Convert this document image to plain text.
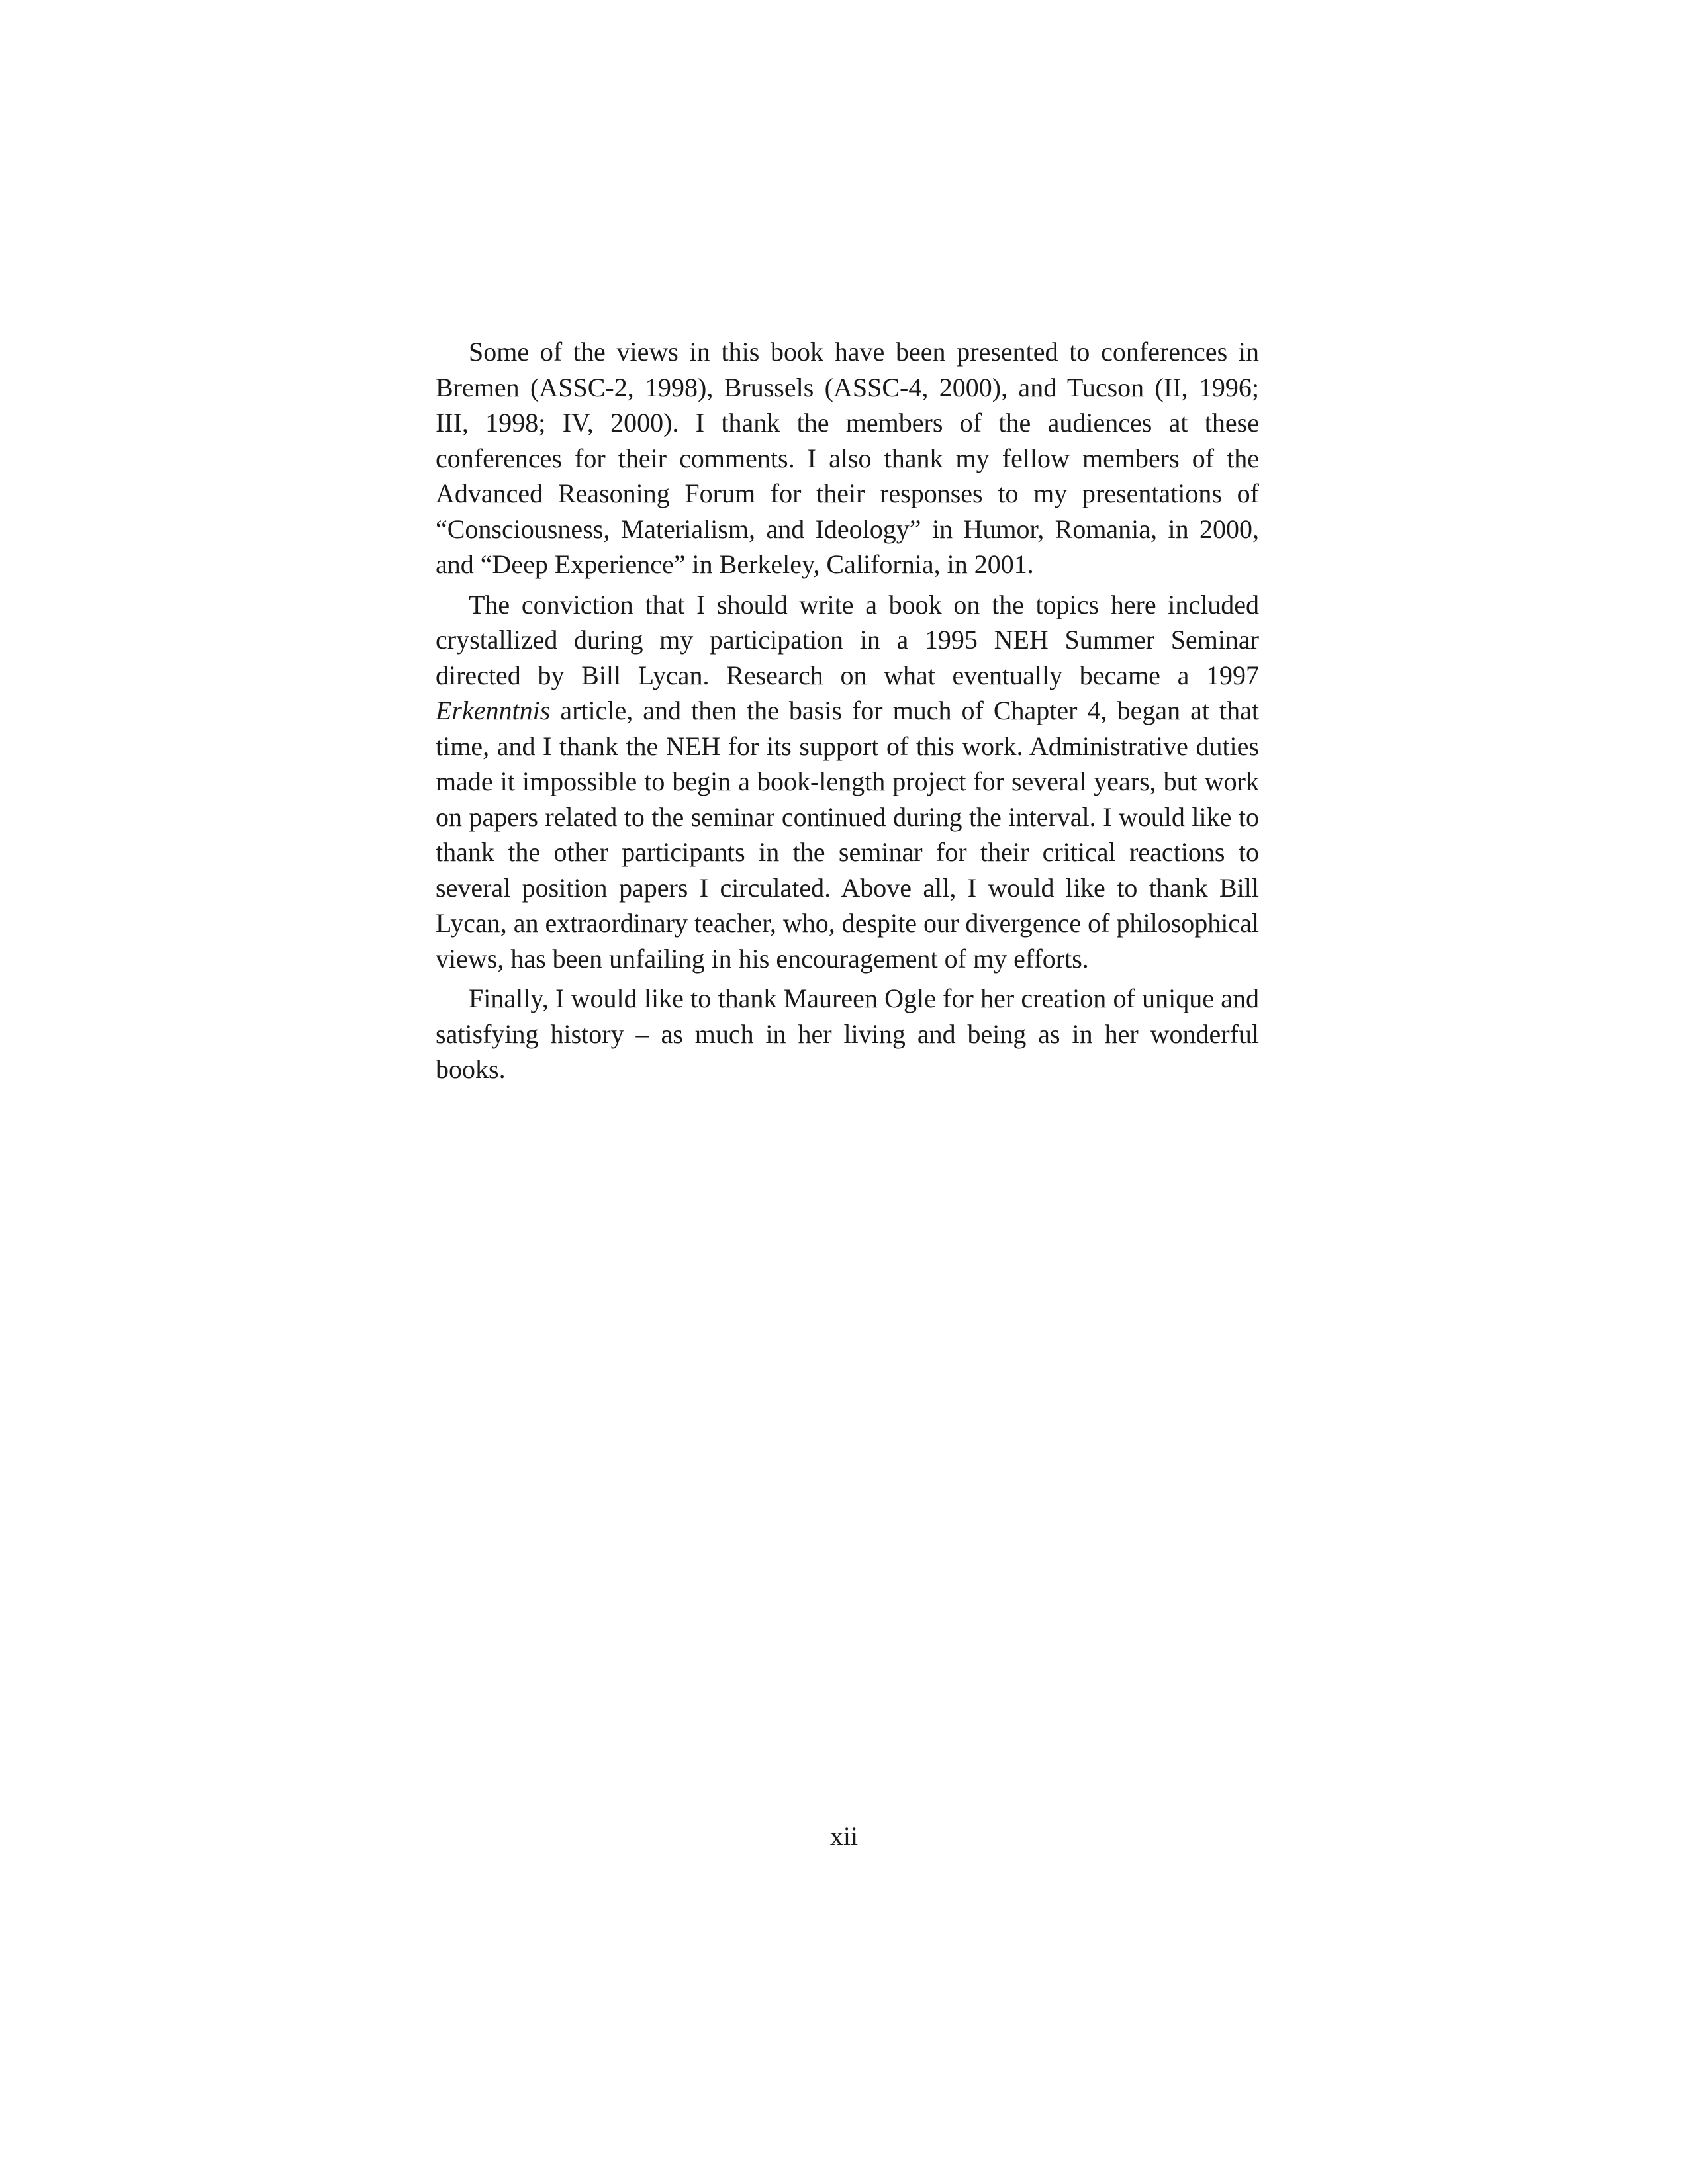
Some of the views in this book have been presented to conferences in Bremen (ASSC-2, 1998), Brussels (ASSC-4, 2000), and Tucson (II, 1996; III, 1998; IV, 2000). I thank the members of the audiences at these conferences for their comments. I also thank my fellow members of the Advanced Reasoning Forum for their responses to my presentations of “Consciousness, Materialism, and Ideology” in Humor, Romania, in 2000, and “Deep Experience” in Berkeley, California, in 2001.

The conviction that I should write a book on the topics here included crystallized during my participation in a 1995 NEH Summer Seminar directed by Bill Lycan. Research on what eventually became a 1997 Erkenntnis article, and then the basis for much of Chapter 4, began at that time, and I thank the NEH for its support of this work. Administrative duties made it impossible to begin a book-length project for several years, but work on papers related to the seminar continued during the interval. I would like to thank the other participants in the seminar for their critical reactions to several position papers I circulated. Above all, I would like to thank Bill Lycan, an extraordinary teacher, who, despite our divergence of philosophical views, has been unfailing in his encouragement of my efforts.

Finally, I would like to thank Maureen Ogle for her creation of unique and satisfying history – as much in her living and being as in her wonderful books.

xii
